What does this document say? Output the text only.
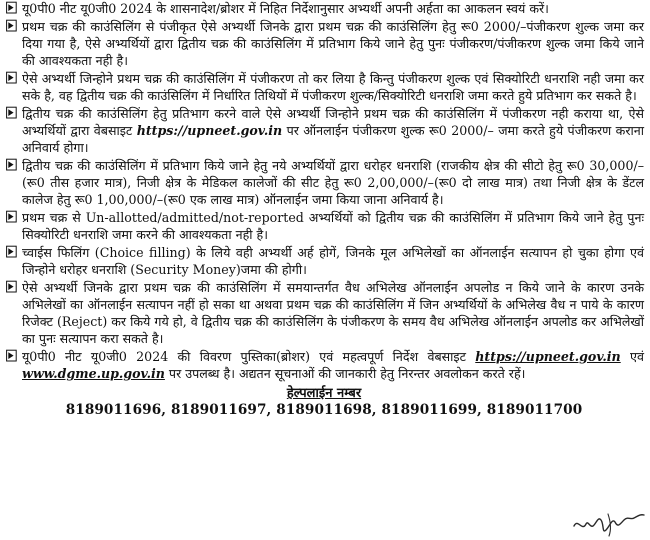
यू0पी0 नीट यू0जी0 2024 के शासनादेश/ब्रोशर में निहित निर्देशानुसार अभ्यर्थी अपनी अर्हता का आकलन स्वयं करें।
प्रथम चक्र की काउंसिलिंग से पंजीकृत ऐसे अभ्यर्थी जिनके द्वारा प्रथम चक्र की काउंसिलिंग हेतु रू0 2000/–पंजीकरण शुल्क जमा कर दिया गया है, ऐसे अभ्यर्थियों द्वारा द्वितीय चक्र की काउंसिलिंग में प्रतिभाग किये जाने हेतु पुनः पंजीकरण/पंजीकरण शुल्क जमा किये जाने की आवश्यकता नही है।
ऐसे अभ्यर्थी जिन्होने प्रथम चक्र की काउंसिलिंग में पंजीकरण तो कर लिया है किन्तु पंजीकरण शुल्क एवं सिक्योरिटी धनराशि नही जमा कर सके है, वह द्वितीय चक्र की काउंसिलिंग में निर्धारित तिथियों में पंजीकरण शुल्क/सिक्योरिटी धनराशि जमा करते हुये प्रतिभाग कर सकते है।
द्वितीय चक्र की काउंसिलिंग हेतु प्रतिभाग करने वाले ऐसे अभ्यर्थी जिन्होने प्रथम चक्र की काउंसिलिंग में पंजीकरण नही कराया था, ऐसे अभ्यर्थियों द्वारा वेबसाइट https://upneet.gov.in पर ऑनलाईन पंजीकरण शुल्क रू0 2000/– जमा करते हुये पंजीकरण कराना अनिवार्य होगा।
द्वितीय चक्र की काउंसिलिंग में प्रतिभाग किये जाने हेतु नये अभ्यर्थियों द्वारा धरोहर धनराशि (राजकीय क्षेत्र की सीटो हेतु रू0 30,000/–(रू0 तीस हजार मात्र), निजी क्षेत्र के मेडिकल कालेजों की सीट हेतु रू0 2,00,000/–(रू0 दो लाख मात्र) तथा निजी क्षेत्र के डेंटल कालेज हेतु रू0 1,00,000/–(रू0 एक लाख मात्र) ऑनलाईन जमा किया जाना अनिवार्य है।
प्रथम चक्र से Un-allotted/admitted/not-reported अभ्यर्थियों को द्वितीय चक्र की काउंसिलिंग में प्रतिभाग किये जाने हेतु पुनः सिक्योरिटी धनराशि जमा करने की आवश्यकता नही है।
च्वाईस फिलिंग (Choice filling) के लिये वही अभ्यर्थी अर्ह होगें, जिनके मूल अभिलेखों का ऑनलाईन सत्यापन हो चुका होगा एवं जिन्होने धरोहर धनराशि (Security Money)जमा की होगी।
ऐसे अभ्यर्थी जिनके द्वारा प्रथम चक्र की काउंसिलिंग में समयान्तर्गत वैध अभिलेख ऑनलाईन अपलोड न किये जाने के कारण उनके अभिलेखों का ऑनलाईन सत्यापन नहीं हो सका था अथवा प्रथम चक्र की काउंसिलिंग में जिन अभ्यर्थियों के अभिलेख वैध न पाये के कारण रिजेक्ट (Reject) कर किये गये हो, वे द्वितीय चक्र की काउंसिलिंग के पंजीकरण के समय वैध अभिलेख ऑनलाईन अपलोड कर अभिलेखों का पुनः सत्यापन करा सकते है।
यू0पी0 नीट यू0जी0 2024 की विवरण पुस्तिका(ब्रोशर) एवं महत्वपूर्ण निर्देश वेबसाइट https://upneet.gov.in एवं www.dgme.up.gov.in पर उपलब्ध है। अद्यतन सूचनाओं की जानकारी हेतु निरन्तर अवलोकन करते रहें।
हेल्पलाईन नम्बर
8189011696, 8189011697, 8189011698, 8189011699, 8189011700
